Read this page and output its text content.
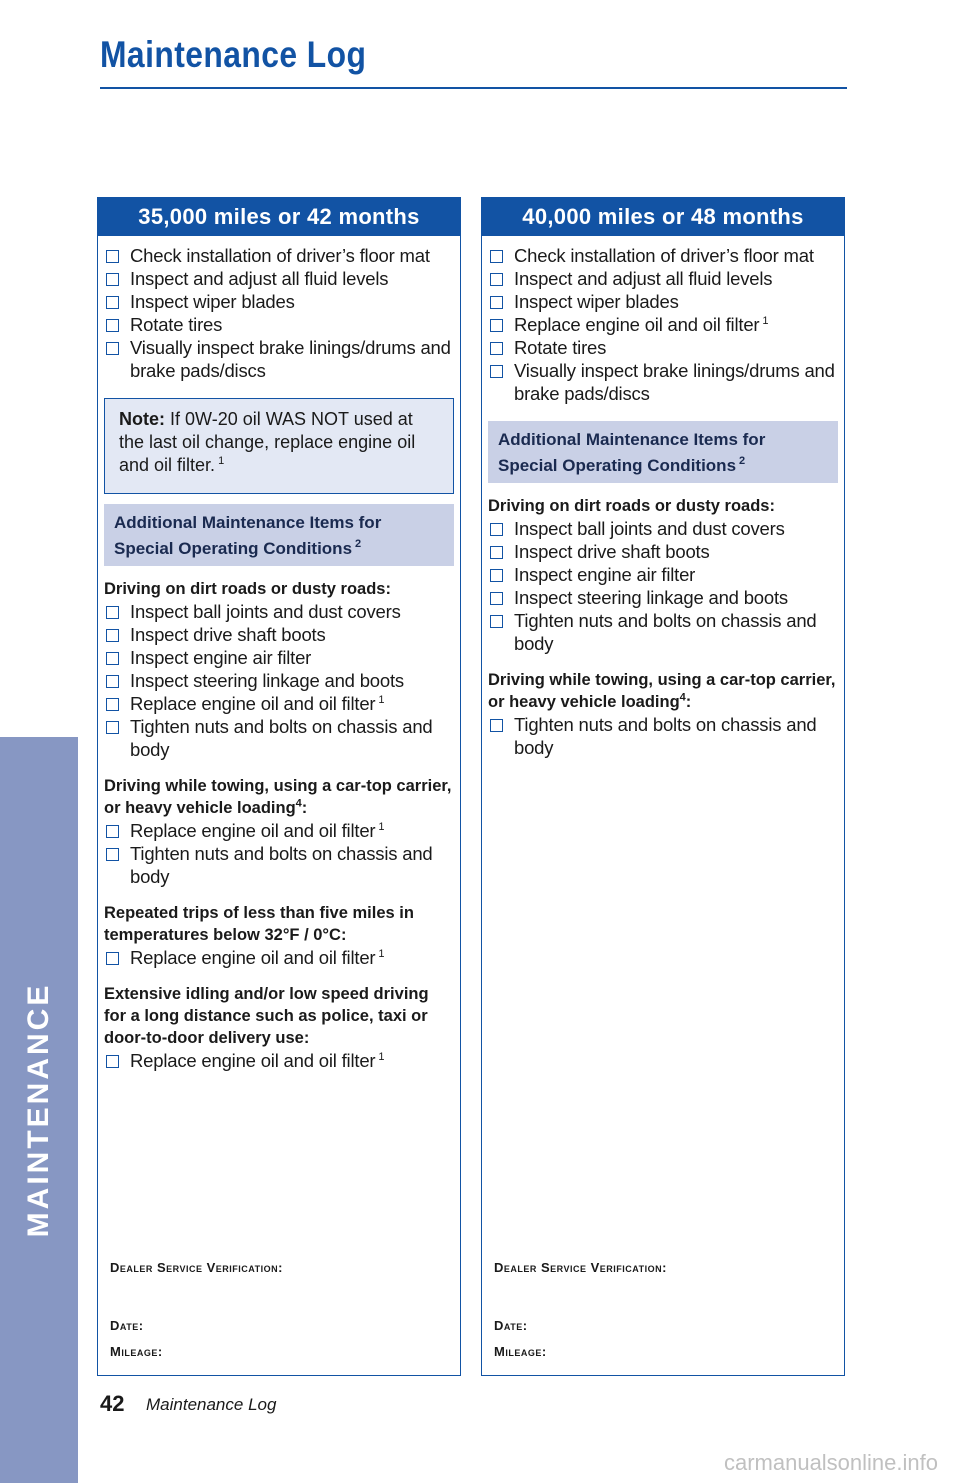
Maintenance Log
MAINTENANCE
35,000 miles or 42 months
Check installation of driver’s floor mat
Inspect and adjust all fluid levels
Inspect wiper blades
Rotate tires
Visually inspect brake linings/drums and brake pads/discs
Note: If 0W-20 oil WAS NOT used at the last oil change, replace engine oil and oil filter. $^1$
Additional Maintenance Items for Special Operating Conditions $^2$
Driving on dirt roads or dusty roads:
Inspect ball joints and dust covers
Inspect drive shaft boots
Inspect engine air filter
Inspect steering linkage and boots
Replace engine oil and oil filter $^1$
Tighten nuts and bolts on chassis and body
Driving while towing, using a car-top carrier, or heavy vehicle loading$^4$:
Replace engine oil and oil filter $^1$
Tighten nuts and bolts on chassis and body
Repeated trips of less than five miles in temperatures below 32°F / 0°C:
Replace engine oil and oil filter $^1$
Extensive idling and/or low speed driving for a long distance such as police, taxi or door-to-door delivery use:
Replace engine oil and oil filter $^1$
Dealer Service Verification:
Date:
Mileage:
40,000 miles or 48 months
Check installation of driver’s floor mat
Inspect and adjust all fluid levels
Inspect wiper blades
Replace engine oil and oil filter $^1$
Rotate tires
Visually inspect brake linings/drums and brake pads/discs
Additional Maintenance Items for Special Operating Conditions $^2$
Driving on dirt roads or dusty roads:
Inspect ball joints and dust covers
Inspect drive shaft boots
Inspect engine air filter
Inspect steering linkage and boots
Tighten nuts and bolts on chassis and body
Driving while towing, using a car-top carrier, or heavy vehicle loading$^4$:
Tighten nuts and bolts on chassis and body
Dealer Service Verification:
Date:
Mileage:
42 Maintenance Log
carmanualsonline.info
